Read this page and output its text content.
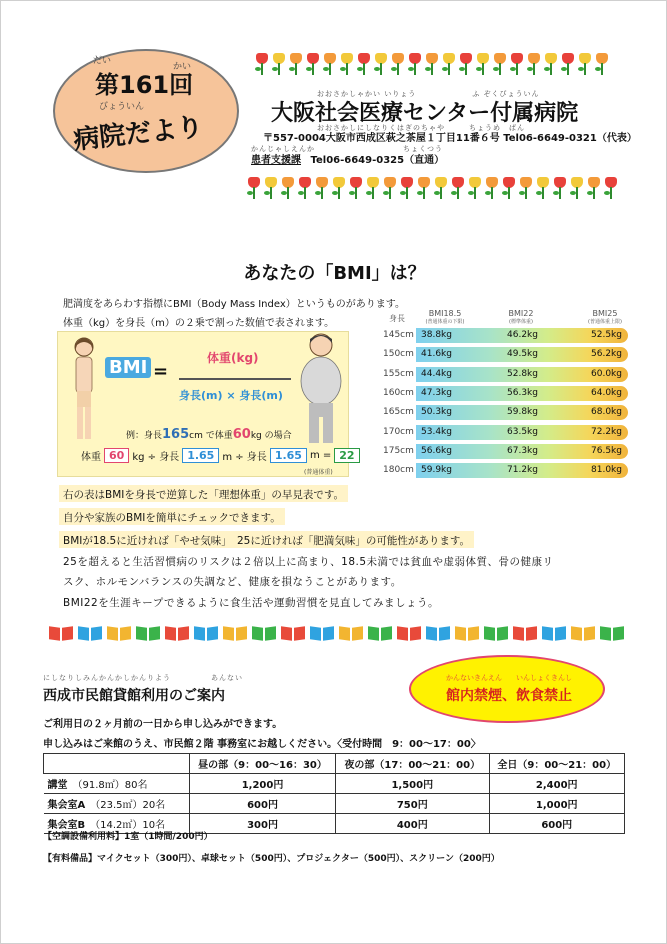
だい
かい
第161回
びょういん
病院だより
おおさかしゃかい いりょう　　　　　　　ふ ぞくびょういん
大阪社会医療センター付属病院
おおさかしにしなりくはぎのちゃや　　　ちょうめ　ばん
〒557-0004大阪市西成区萩之茶屋１丁目11番６号 Tel06-6649-0321（代表）
かんじゃしえんか　　　　　　　　　　　ちょくつう
患者支援課 Tel06-6649-0325（直通）
あなたの「BMI」は？
肥満度をあらわす指標にBMI（Body Mass Index）というものがあります。
体重（kg）を身長（m）の２乗で割った数値で表されます。
BMI =
体重(kg)
身長(m) × 身長(m)
例：身長165cm で体重60kg の場合
体重 60 kg ÷ 身長 1.65 m ÷ 身長 1.65 m = 22
(普通体重)
身長
BMI18.5
(普通体重の下限)
BMI22
(標準体重)
BMI25
(普通体重上限)
145cm 38.8kg	46.2kg	52.5kg
150cm 41.6kg	49.5kg	56.2kg
155cm 44.4kg	52.8kg	60.0kg
160cm 47.3kg	56.3kg	64.0kg
165cm 50.3kg	59.8kg	68.0kg
170cm 53.4kg	63.5kg	72.2kg
175cm 56.6kg	67.3kg	76.5kg
180cm 59.9kg	71.2kg	81.0kg
右の表はBMIを身長で逆算した「理想体重」の早見表です。
自分や家族のBMIを簡単にチェックできます。
BMIが18.5に近ければ「やせ気味」　25に近ければ「肥満気味」の可能性があります。
25を超えると生活習慣病のリスクは２倍以上に高まり、18.5未満では貧血や虚弱体質、骨の健康リ
スク、ホルモンバランスの失調など、健康を損なうことがあります。
BMI22を生涯キープできるように食生活や運動習慣を見直してみましょう。
にしなりしみんかんかしかんりよう　　　　　あんない
西成市民館貸館利用のご案内
かんないきんえん　　いんしょくきんし
館内禁煙、飲食禁止
ご利用日の２ヶ月前の一日から申し込みができます。
申し込みはご来館のうえ、市民館２階 事務室にお越しください。〈受付時間　9：00～17：00〉
	昼の部（9：00～16：30）	夜の部（17：00～21：00）	全日（9：00～21：00）
講堂　 （91.8㎡）80名	1,200円	1,500円	2,400円
集会室A　 （23.5㎡）20名	600円	750円	1,000円
集会室B　 （14.2㎡）10名	300円	400円	600円
【空調設備利用料】1室（1時間/200円）
【有料備品】マイクセット（300円）、卓球セット（500円）、プロジェクター（500円）、スクリーン（200円）
